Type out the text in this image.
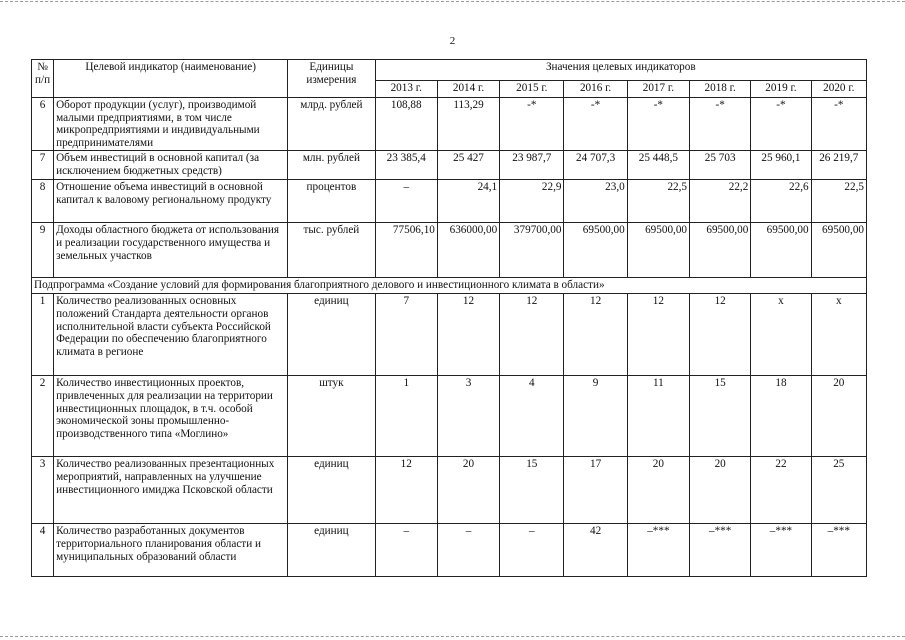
2
№ п/п	Целевой индикатор (наименование)	Единицы измерения	Значения целевых индикаторов							
			2013 г.	2014 г.	2015 г.	2016 г.	2017 г.	2018 г.	2019 г.	2020 г.
6	Оборот продукции (услуг), производимой малыми предприятиями, в том числе микропредприятиями и индивидуальными предпринимателями	млрд. рублей	108,88	113,29	-*	-*	-*	-*	-*	-*
7	Объем инвестиций в основной капитал (за исключением бюджетных средств)	млн. рублей	23 385,4	25 427	23 987,7	24 707,3	25 448,5	25 703	25 960,1	26 219,7
8	Отношение объема инвестиций в основной капитал к валовому региональному продукту	процентов	–	24,1	22,9	23,0	22,5	22,2	22,6	22,5
9	Доходы областного бюджета от использования и реализации государственного имущества и земельных участков	тыс. рублей	77506,10	636000,00	379700,00	69500,00	69500,00	69500,00	69500,00	69500,00
Подпрограмма «Создание условий для формирования благоприятного делового и инвестиционного климата в области»										
1	Количество реализованных основных положений Стандарта деятельности органов исполнительной власти субъекта Российской Федерации по обеспечению благоприятного климата в регионе	единиц	7	12	12	12	12	12	х	х
2	Количество инвестиционных проектов, привлеченных для реализации на территории инвестиционных площадок, в т.ч. особой экономической зоны промышленно-производственного типа «Моглино»	штук	1	3	4	9	11	15	18	20
3	Количество реализованных презентационных мероприятий, направленных на улучшение инвестиционного имиджа Псковской области	единиц	12	20	15	17	20	20	22	25
4	Количество разработанных документов территориального планирования области и муниципальных образований области	единиц	–	–	–	42	–***	–***	–***	–***
